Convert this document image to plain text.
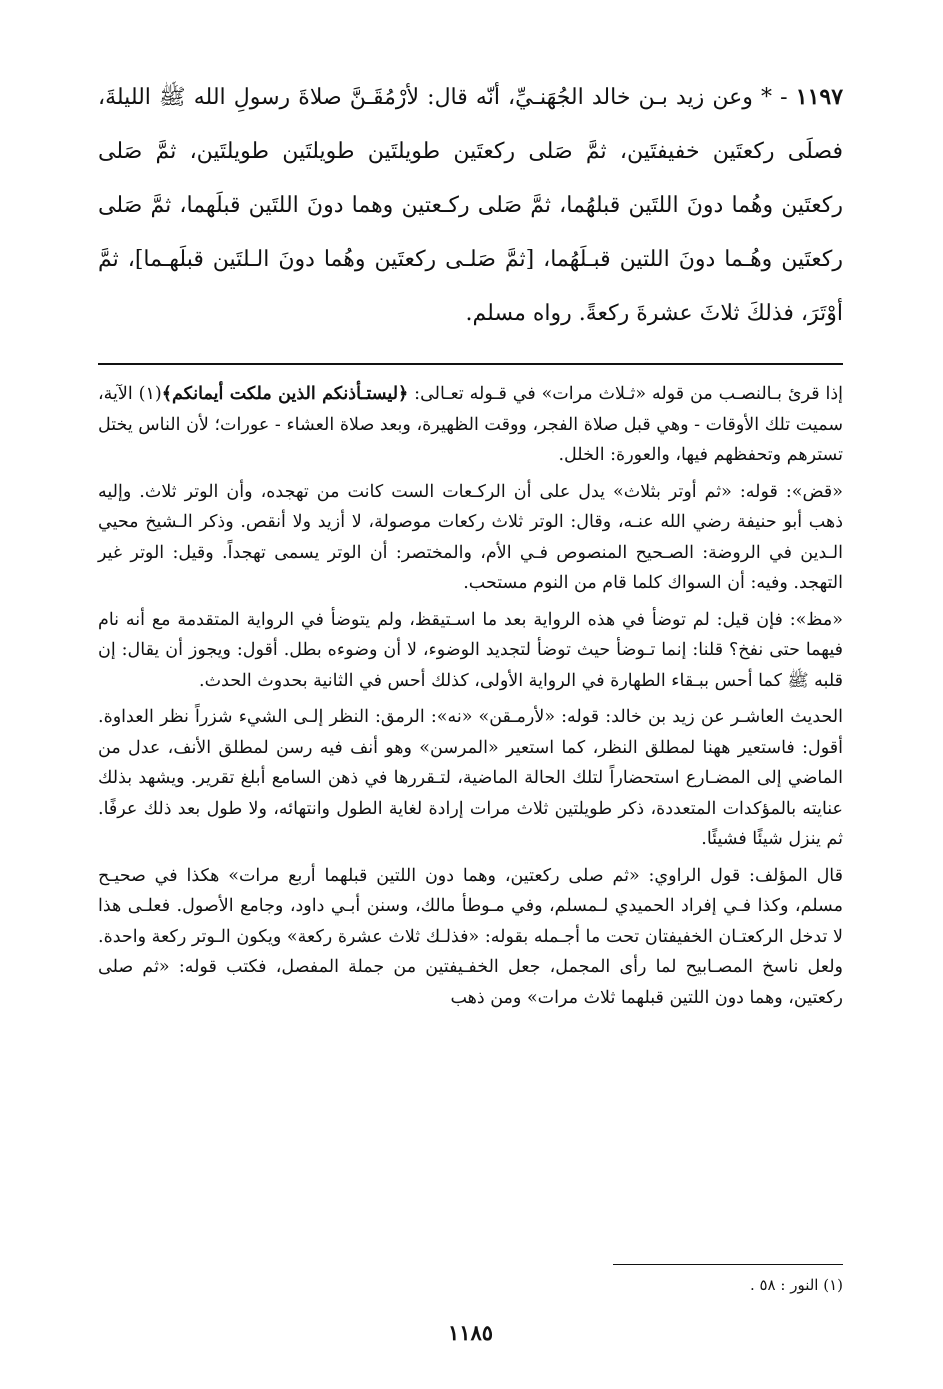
١١٩٧ - * وعن زيد بـن خالد الجُهَنـيِّ، أنّه قال: لأرْمُقَـنَّ صلاةَ رسولِ الله ﷺ الليلةَ، فصلَى ركعتَين خفيفتَين، ثمَّ صَلى ركعتَين طويلتَين طويلتَين طويلتَين، ثمَّ صَلى ركعتَين وهُما دونَ اللتَين قبلهُما، ثمَّ صَلى ركـعتين وهما دونَ اللتَين قبلَهما، ثمَّ صَلى ركعتَين وهُـما دونَ اللتين قبـلَهُما، [ثمَّ صَلـى ركعتَين وهُما دونَ الـلتَين قبلَهـما]، ثمَّ أوْتَرَ، فذلكَ ثلاثَ عشرةَ ركعةً. رواه مسلم.

إذا قرئ بـالنصـب من قوله «ثـلاث مرات» في قـوله تعـالى: ﴿ليستـأذنكم الذين ملكت أيمانكم﴾(١) الآية، سميت تلك الأوقات - وهي قبل صلاة الفجر، ووقت الظهيرة، وبعد صلاة العشاء - عورات؛ لأن الناس يختل تسترهم وتحفظهم فيها، والعورة: الخلل.

«قض»: قوله: «ثم أوتر بثلاث» يدل على أن الركـعات الست كانت من تهجده، وأن الوتر ثلاث. وإليه ذهب أبو حنيفة رضي الله عنـه، وقال: الوتر ثلاث ركعات موصولة، لا أزيد ولا أنقص. وذكر الـشيخ محيي الـدين في الروضة: الصـحيح المنصوص فـي الأم، والمختصر: أن الوتر يسمى تهجداً. وقيل: الوتر غير التهجد. وفيه: أن السواك كلما قام من النوم مستحب.

«مظ»: فإن قيل: لم توضأ في هذه الرواية بعد ما اسـتيقظ، ولم يتوضأ في الرواية المتقدمة مع أنه نام فيهما حتى نفخ؟ قلنا: إنما تـوضأ حيث توضأ لتجديد الوضوء، لا أن وضوءه بطل. أقول: ويجوز أن يقال: إن قلبه ﷺ كما أحس ببـقاء الطهارة في الرواية الأولى، كذلك أحس في الثانية بحدوث الحدث.

الحديث العاشـر عن زيد بن خالد: قوله: «لأرمـقن» «نه»: الرمق: النظر إلـى الشيء شزراً نظر العداوة. أقول: فاستعير ههنا لمطلق النظر، كما استعير «المرسن» وهو أنف فيه رسن لمطلق الأنف، عدل من الماضي إلى المضـارع استحضاراً لتلك الحالة الماضية، لتـقررها في ذهن السامع أبلغ تقرير. ويشهد بذلك عنايته بالمؤكدات المتعددة، ذكر طويلتين ثلاث مرات إرادة لغاية الطول وانتهائه، ولا طول بعد ذلك عرفًا. ثم ينزل شيئًا فشيئًا.

قال المؤلف: قول الراوي: «ثم صلى ركعتين، وهما دون اللتين قبلهما أربع مرات» هكذا في صحيـح مسلم، وكذا فـي إفراد الحميدي لـمسلم، وفي مـوطأ مالك، وسنن أبـي داود، وجامع الأصول. فعلـى هذا لا تدخل الركعتـان الخفيفتان تحت ما أجـمله بقوله: «فذلـك ثلاث عشرة ركعة» ويكون الـوتر ركعة واحدة. ولعل ناسخ المصـابيح لما رأى المجمل، جعل الخفـيفتين من جملة المفصل، فكتب قوله: «ثم صلى ركعتين، وهما دون اللتين قبلهما ثلاث مرات» ومن ذهب

(١) النور : ٥٨ .

١١٨٥
